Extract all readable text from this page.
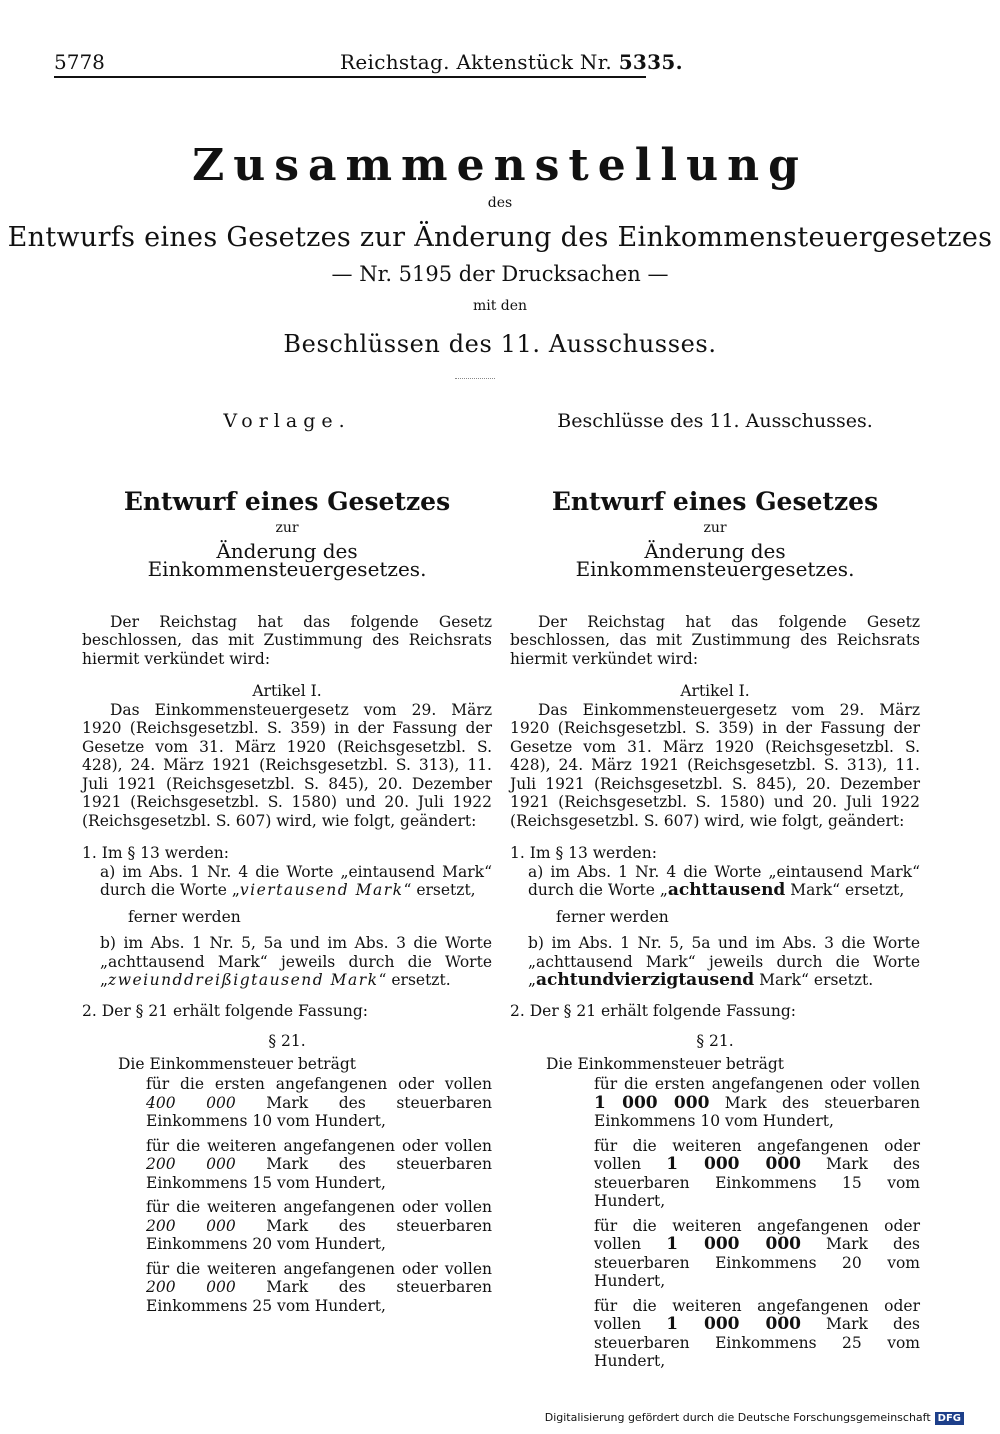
5778	Reichstag. Aktenstück Nr. 5335.
Zusammenstellung
des
Entwurfs eines Gesetzes zur Änderung des Einkommensteuergesetzes
— Nr. 5195 der Drucksachen —
mit den
Beschlüssen des 11. Ausschusses.
Vorlage.
Entwurf eines Gesetzes
zur
Änderung des Einkommensteuergesetzes.
Der Reichstag hat das folgende Gesetz beschlossen, das mit Zustimmung des Reichsrats hiermit verkündet wird:
Artikel I.
Das Einkommensteuergesetz vom 29. März 1920 (Reichsgesetzbl. S. 359) in der Fassung der Gesetze vom 31. März 1920 (Reichsgesetzbl. S. 428), 24. März 1921 (Reichsgesetzbl. S. 313), 11. Juli 1921 (Reichsgesetzbl. S. 845), 20. Dezember 1921 (Reichsgesetzbl. S. 1580) und 20. Juli 1922 (Reichsgesetzbl. S. 607) wird, wie folgt, geändert:
1. Im § 13 werden:
a) im Abs. 1 Nr. 4 die Worte „eintausend Mark“ durch die Worte „viertausend Mark“ ersetzt,
ferner werden
b) im Abs. 1 Nr. 5, 5a und im Abs. 3 die Worte „achttausend Mark“ jeweils durch die Worte „zweiunddreißigtausend Mark“ ersetzt.
2. Der § 21 erhält folgende Fassung:
§ 21.
Die Einkommensteuer beträgt
für die ersten angefangenen oder vollen 400 000 Mark des steuerbaren Einkommens 10 vom Hundert,
für die weiteren angefangenen oder vollen 200 000 Mark des steuerbaren Einkommens 15 vom Hundert,
für die weiteren angefangenen oder vollen 200 000 Mark des steuerbaren Einkommens 20 vom Hundert,
für die weiteren angefangenen oder vollen 200 000 Mark des steuerbaren Einkommens 25 vom Hundert,
Beschlüsse des 11. Ausschusses.
Entwurf eines Gesetzes
zur
Änderung des Einkommensteuergesetzes.
Der Reichstag hat das folgende Gesetz beschlossen, das mit Zustimmung des Reichsrats hiermit verkündet wird:
Artikel I.
Das Einkommensteuergesetz vom 29. März 1920 (Reichsgesetzbl. S. 359) in der Fassung der Gesetze vom 31. März 1920 (Reichsgesetzbl. S. 428), 24. März 1921 (Reichsgesetzbl. S. 313), 11. Juli 1921 (Reichsgesetzbl. S. 845), 20. Dezember 1921 (Reichsgesetzbl. S. 1580) und 20. Juli 1922 (Reichsgesetzbl. S. 607) wird, wie folgt, geändert:
1. Im § 13 werden:
a) im Abs. 1 Nr. 4 die Worte „eintausend Mark“ durch die Worte „achttausend Mark“ ersetzt,
ferner werden
b) im Abs. 1 Nr. 5, 5a und im Abs. 3 die Worte „achttausend Mark“ jeweils durch die Worte „achtundvierzigtausend Mark“ ersetzt.
2. Der § 21 erhält folgende Fassung:
§ 21.
Die Einkommensteuer beträgt
für die ersten angefangenen oder vollen 1 000 000 Mark des steuerbaren Einkommens 10 vom Hundert,
für die weiteren angefangenen oder vollen 1 000 000 Mark des steuerbaren Einkommens 15 vom Hundert,
für die weiteren angefangenen oder vollen 1 000 000 Mark des steuerbaren Einkommens 20 vom Hundert,
für die weiteren angefangenen oder vollen 1 000 000 Mark des steuerbaren Einkommens 25 vom Hundert,
Digitalisierung gefördert durch die Deutsche Forschungsgemeinschaft DFG
